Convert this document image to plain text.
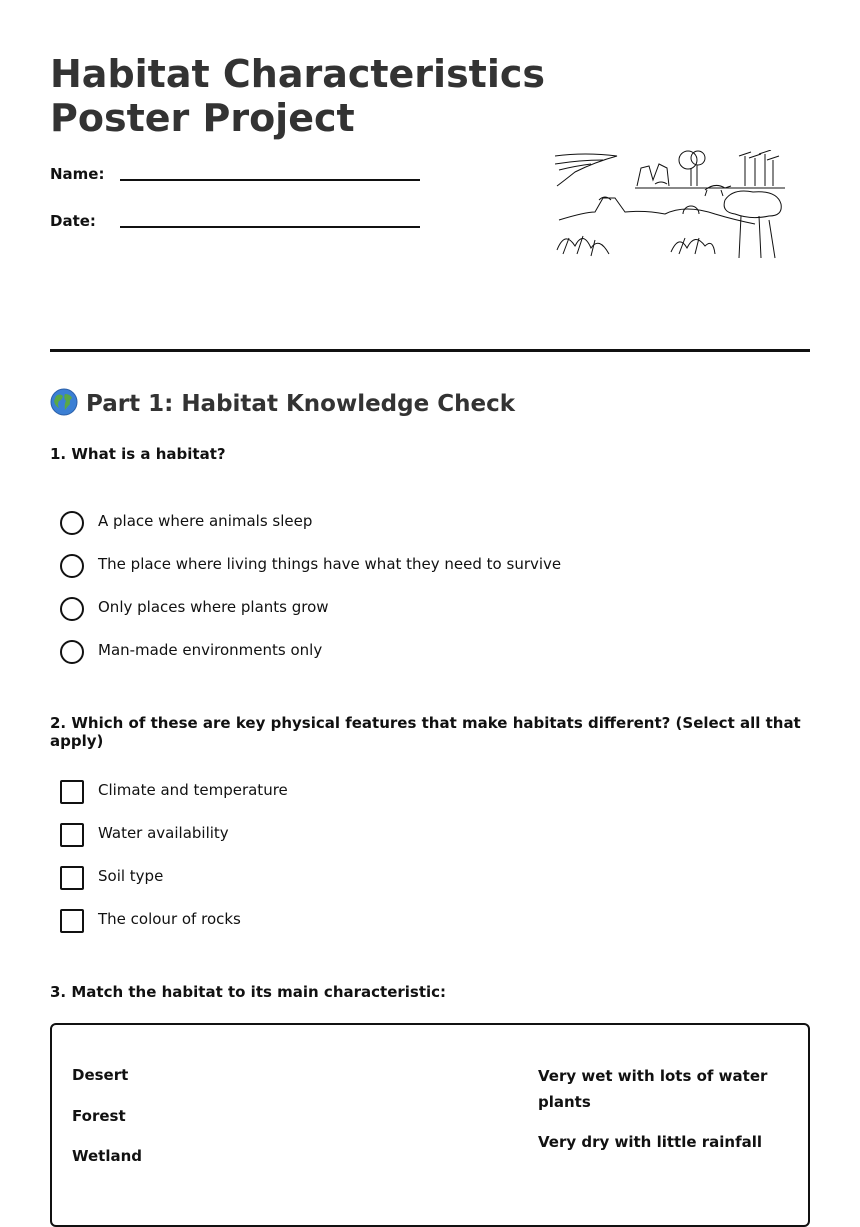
Habitat Characteristics
Poster Project
Name:
Date:
Part 1: Habitat Knowledge Check
1. What is a habitat?
A place where animals sleep
The place where living things have what they need to survive
Only places where plants grow
Man-made environments only
2. Which of these are key physical features that make habitats different? (Select all that apply)
Climate and temperature
Water availability
Soil type
The colour of rocks
3. Match the habitat to its main characteristic:
Desert
Forest
Wetland
Very wet with lots of water plants
Very dry with little rainfall
